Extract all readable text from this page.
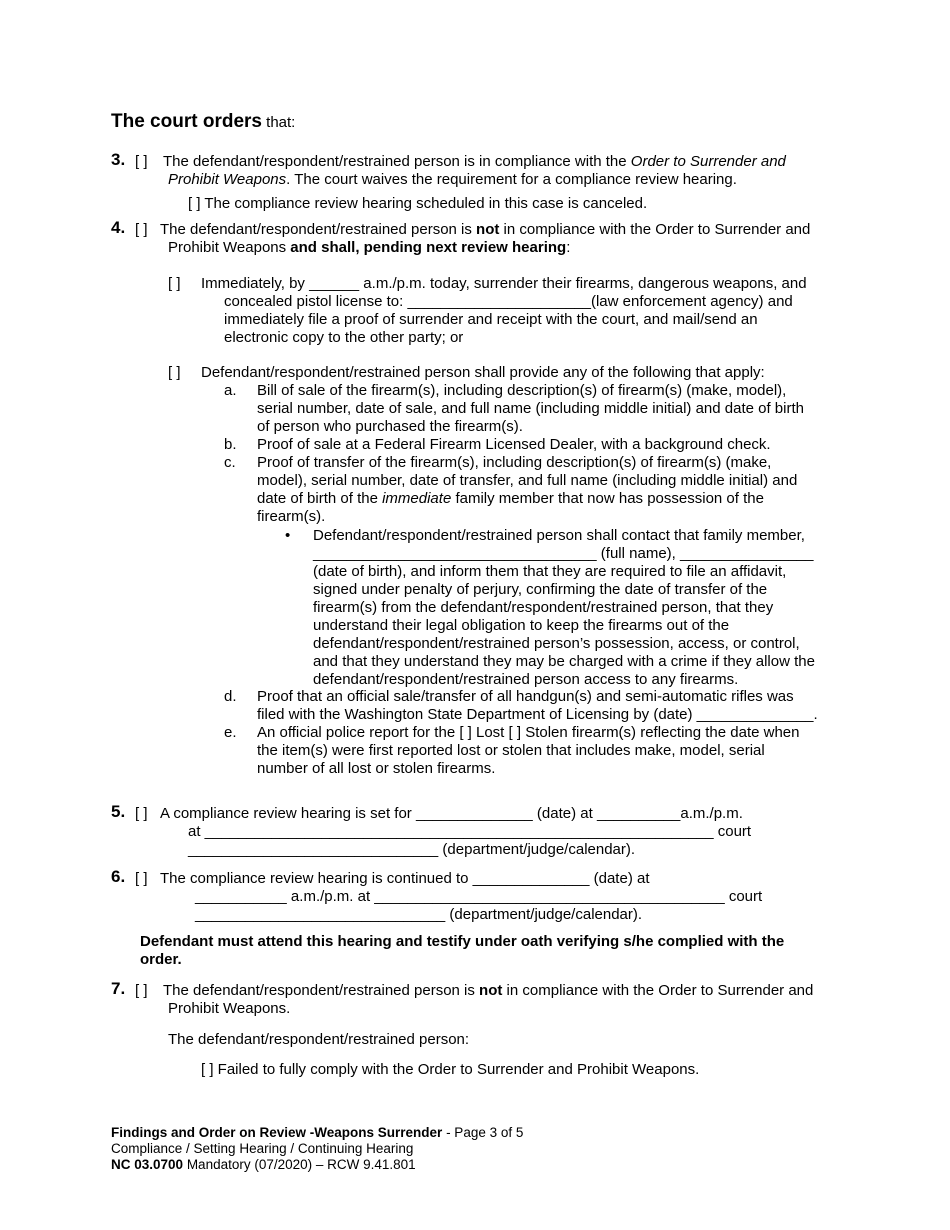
The court orders that:
3. [ ] The defendant/respondent/restrained person is in compliance with the Order to Surrender and
Prohibit Weapons. The court waives the requirement for a compliance review hearing.
[ ] The compliance review hearing scheduled in this case is canceled.
4. [ ] The defendant/respondent/restrained person is not in compliance with the Order to Surrender and
Prohibit Weapons and shall, pending next review hearing:
[ ] Immediately, by ______ a.m./p.m. today, surrender their firearms, dangerous weapons, and
concealed pistol license to: ______________________(law enforcement agency) and
immediately file a proof of surrender and receipt with the court, and mail/send an
electronic copy to the other party; or
[ ] Defendant/respondent/restrained person shall provide any of the following that apply:
a. Bill of sale of the firearm(s), including description(s) of firearm(s) (make, model),
serial number, date of sale, and full name (including middle initial) and date of birth
of person who purchased the firearm(s).
b. Proof of sale at a Federal Firearm Licensed Dealer, with a background check.
c. Proof of transfer of the firearm(s), including description(s) of firearm(s) (make,
model), serial number, date of transfer, and full name (including middle initial) and
date of birth of the immediate family member that now has possession of the
firearm(s).
• Defendant/respondent/restrained person shall contact that family member,
__________________________________ (full name), ________________
(date of birth), and inform them that they are required to file an affidavit,
signed under penalty of perjury, confirming the date of transfer of the
firearm(s) from the defendant/respondent/restrained person, that they
understand their legal obligation to keep the firearms out of the
defendant/respondent/restrained person’s possession, access, or control,
and that they understand they may be charged with a crime if they allow the
defendant/respondent/restrained person access to any firearms.
d. Proof that an official sale/transfer of all handgun(s) and semi-automatic rifles was
filed with the Washington State Department of Licensing by (date) ______________.
e. An official police report for the [ ] Lost [ ] Stolen firearm(s) reflecting the date when
the item(s) were first reported lost or stolen that includes make, model, serial
number of all lost or stolen firearms.
5. [ ] A compliance review hearing is set for ______________ (date) at __________a.m./p.m.
at _____________________________________________________________ court
______________________________ (department/judge/calendar).
6. [ ] The compliance review hearing is continued to ______________ (date) at
___________ a.m./p.m. at __________________________________________ court
______________________________ (department/judge/calendar).
Defendant must attend this hearing and testify under oath verifying s/he complied with the
order.
7. [ ] The defendant/respondent/restrained person is not in compliance with the Order to Surrender and
Prohibit Weapons.
The defendant/respondent/restrained person:
[ ] Failed to fully comply with the Order to Surrender and Prohibit Weapons.
Findings and Order on Review -Weapons Surrender - Page 3 of 5
Compliance / Setting Hearing / Continuing Hearing
NC 03.0700 Mandatory (07/2020) – RCW 9.41.801
